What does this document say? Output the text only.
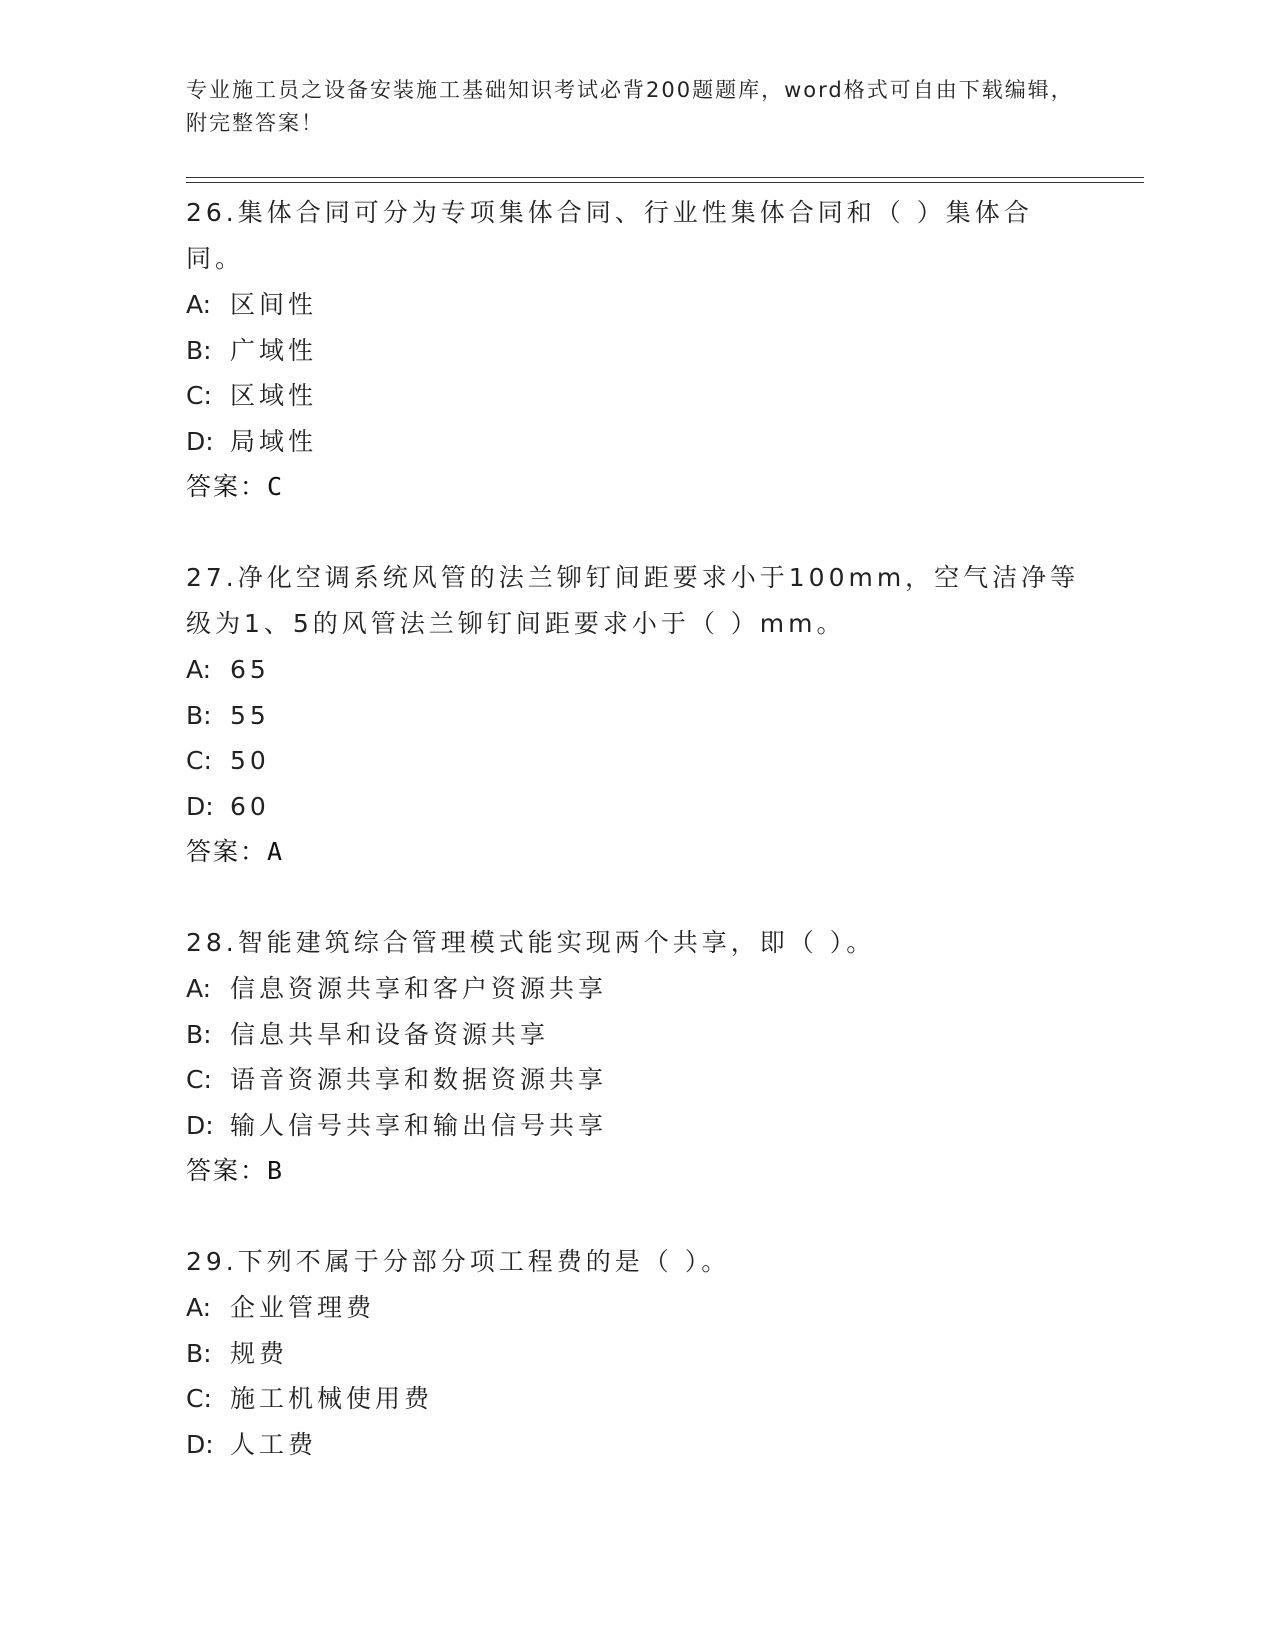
专业施工员之设备安装施工基础知识考试必背200题题库，word格式可自由下载编辑，附完整答案！

26.集体合同可分为专项集体合同、行业性集体合同和（ ）集体合同。

A: 区间性

B: 广域性

C: 区域性

D: 局域性

答案：C

27.净化空调系统风管的法兰铆钉间距要求小于100mm，空气洁净等级为1、5的风管法兰铆钉间距要求小于（ ）mm。

A: 65

B: 55

C: 50

D: 60

答案：A

28.智能建筑综合管理模式能实现两个共享，即（ ）。

A: 信息资源共享和客户资源共享

B: 信息共旱和设备资源共享

C: 语音资源共享和数据资源共享

D: 输人信号共享和输出信号共享

答案：B

29.下列不属于分部分项工程费的是（ ）。

A: 企业管理费

B: 规费

C: 施工机械使用费

D: 人工费
